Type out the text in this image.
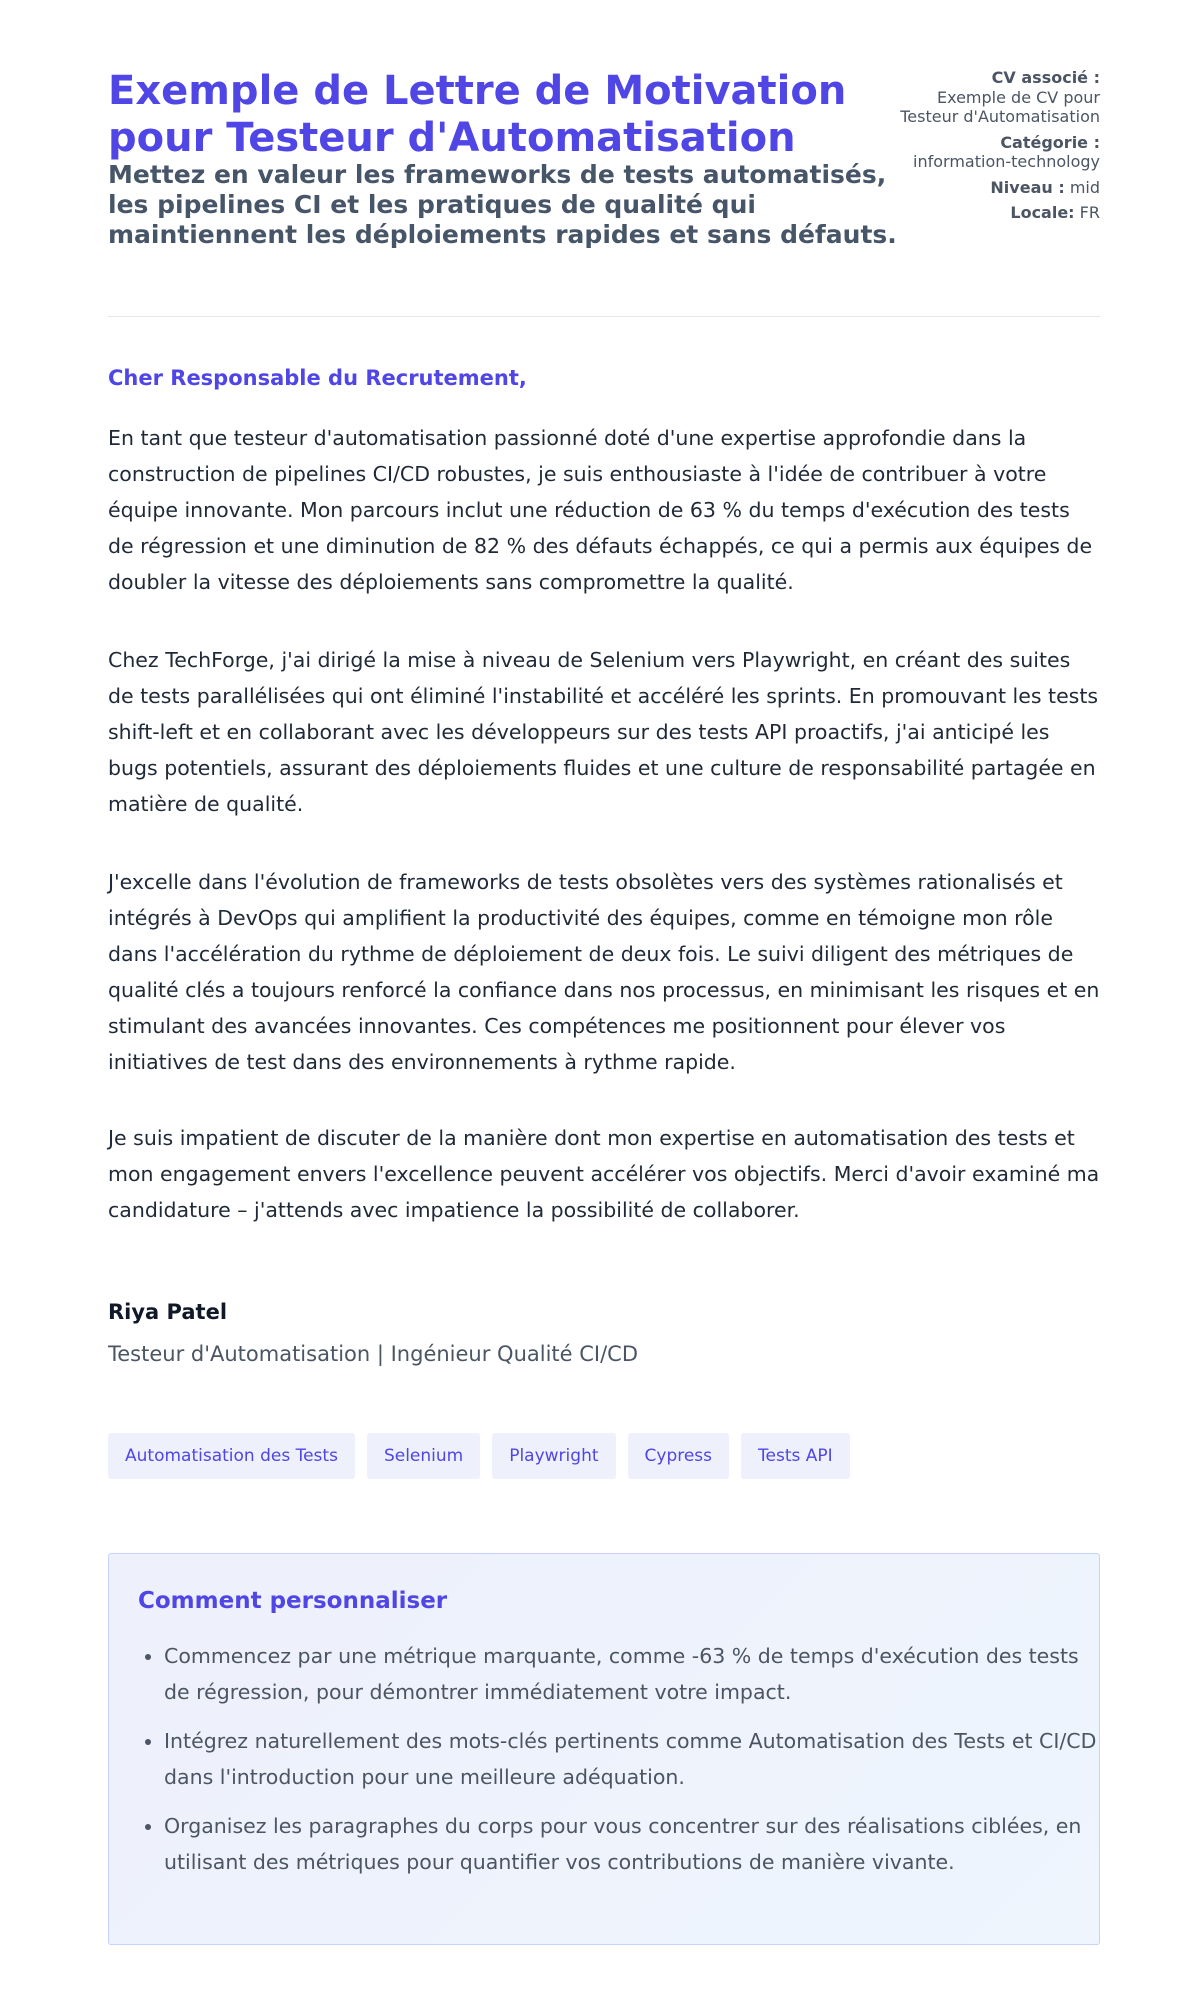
Exemple de Lettre de Motivation pour Testeur d'Automatisation

Mettez en valeur les frameworks de tests automatisés, les pipelines CI et les pratiques de qualité qui maintiennent les déploiements rapides et sans défauts.

CV associé :
Exemple de CV pour Testeur d'Automatisation
Catégorie :
information-technology
Niveau : mid
Locale: FR

Cher Responsable du Recrutement,

En tant que testeur d'automatisation passionné doté d'une expertise approfondie dans la construction de pipelines CI/CD robustes, je suis enthousiaste à l'idée de contribuer à votre équipe innovante. Mon parcours inclut une réduction de 63 % du temps d'exécution des tests de régression et une diminution de 82 % des défauts échappés, ce qui a permis aux équipes de doubler la vitesse des déploiements sans compromettre la qualité.

Chez TechForge, j'ai dirigé la mise à niveau de Selenium vers Playwright, en créant des suites de tests parallélisées qui ont éliminé l'instabilité et accéléré les sprints. En promouvant les tests shift-left et en collaborant avec les développeurs sur des tests API proactifs, j'ai anticipé les bugs potentiels, assurant des déploiements fluides et une culture de responsabilité partagée en matière de qualité.

J'excelle dans l'évolution de frameworks de tests obsolètes vers des systèmes rationalisés et intégrés à DevOps qui amplifient la productivité des équipes, comme en témoigne mon rôle dans l'accélération du rythme de déploiement de deux fois. Le suivi diligent des métriques de qualité clés a toujours renforcé la confiance dans nos processus, en minimisant les risques et en stimulant des avancées innovantes. Ces compétences me positionnent pour élever vos initiatives de test dans des environnements à rythme rapide.

Je suis impatient de discuter de la manière dont mon expertise en automatisation des tests et mon engagement envers l'excellence peuvent accélérer vos objectifs. Merci d'avoir examiné ma candidature – j'attends avec impatience la possibilité de collaborer.

Riya Patel
Testeur d'Automatisation | Ingénieur Qualité CI/CD
Automatisation des Tests	Selenium	Playwright	Cypress	Tests API
Comment personnaliser
• Commencez par une métrique marquante, comme -63 % de temps d'exécution des tests de régression, pour démontrer immédiatement votre impact.
• Intégrez naturellement des mots-clés pertinents comme Automatisation des Tests et CI/CD dans l'introduction pour une meilleure adéquation.
• Organisez les paragraphes du corps pour vous concentrer sur des réalisations ciblées, en utilisant des métriques pour quantifier vos contributions de manière vivante.
